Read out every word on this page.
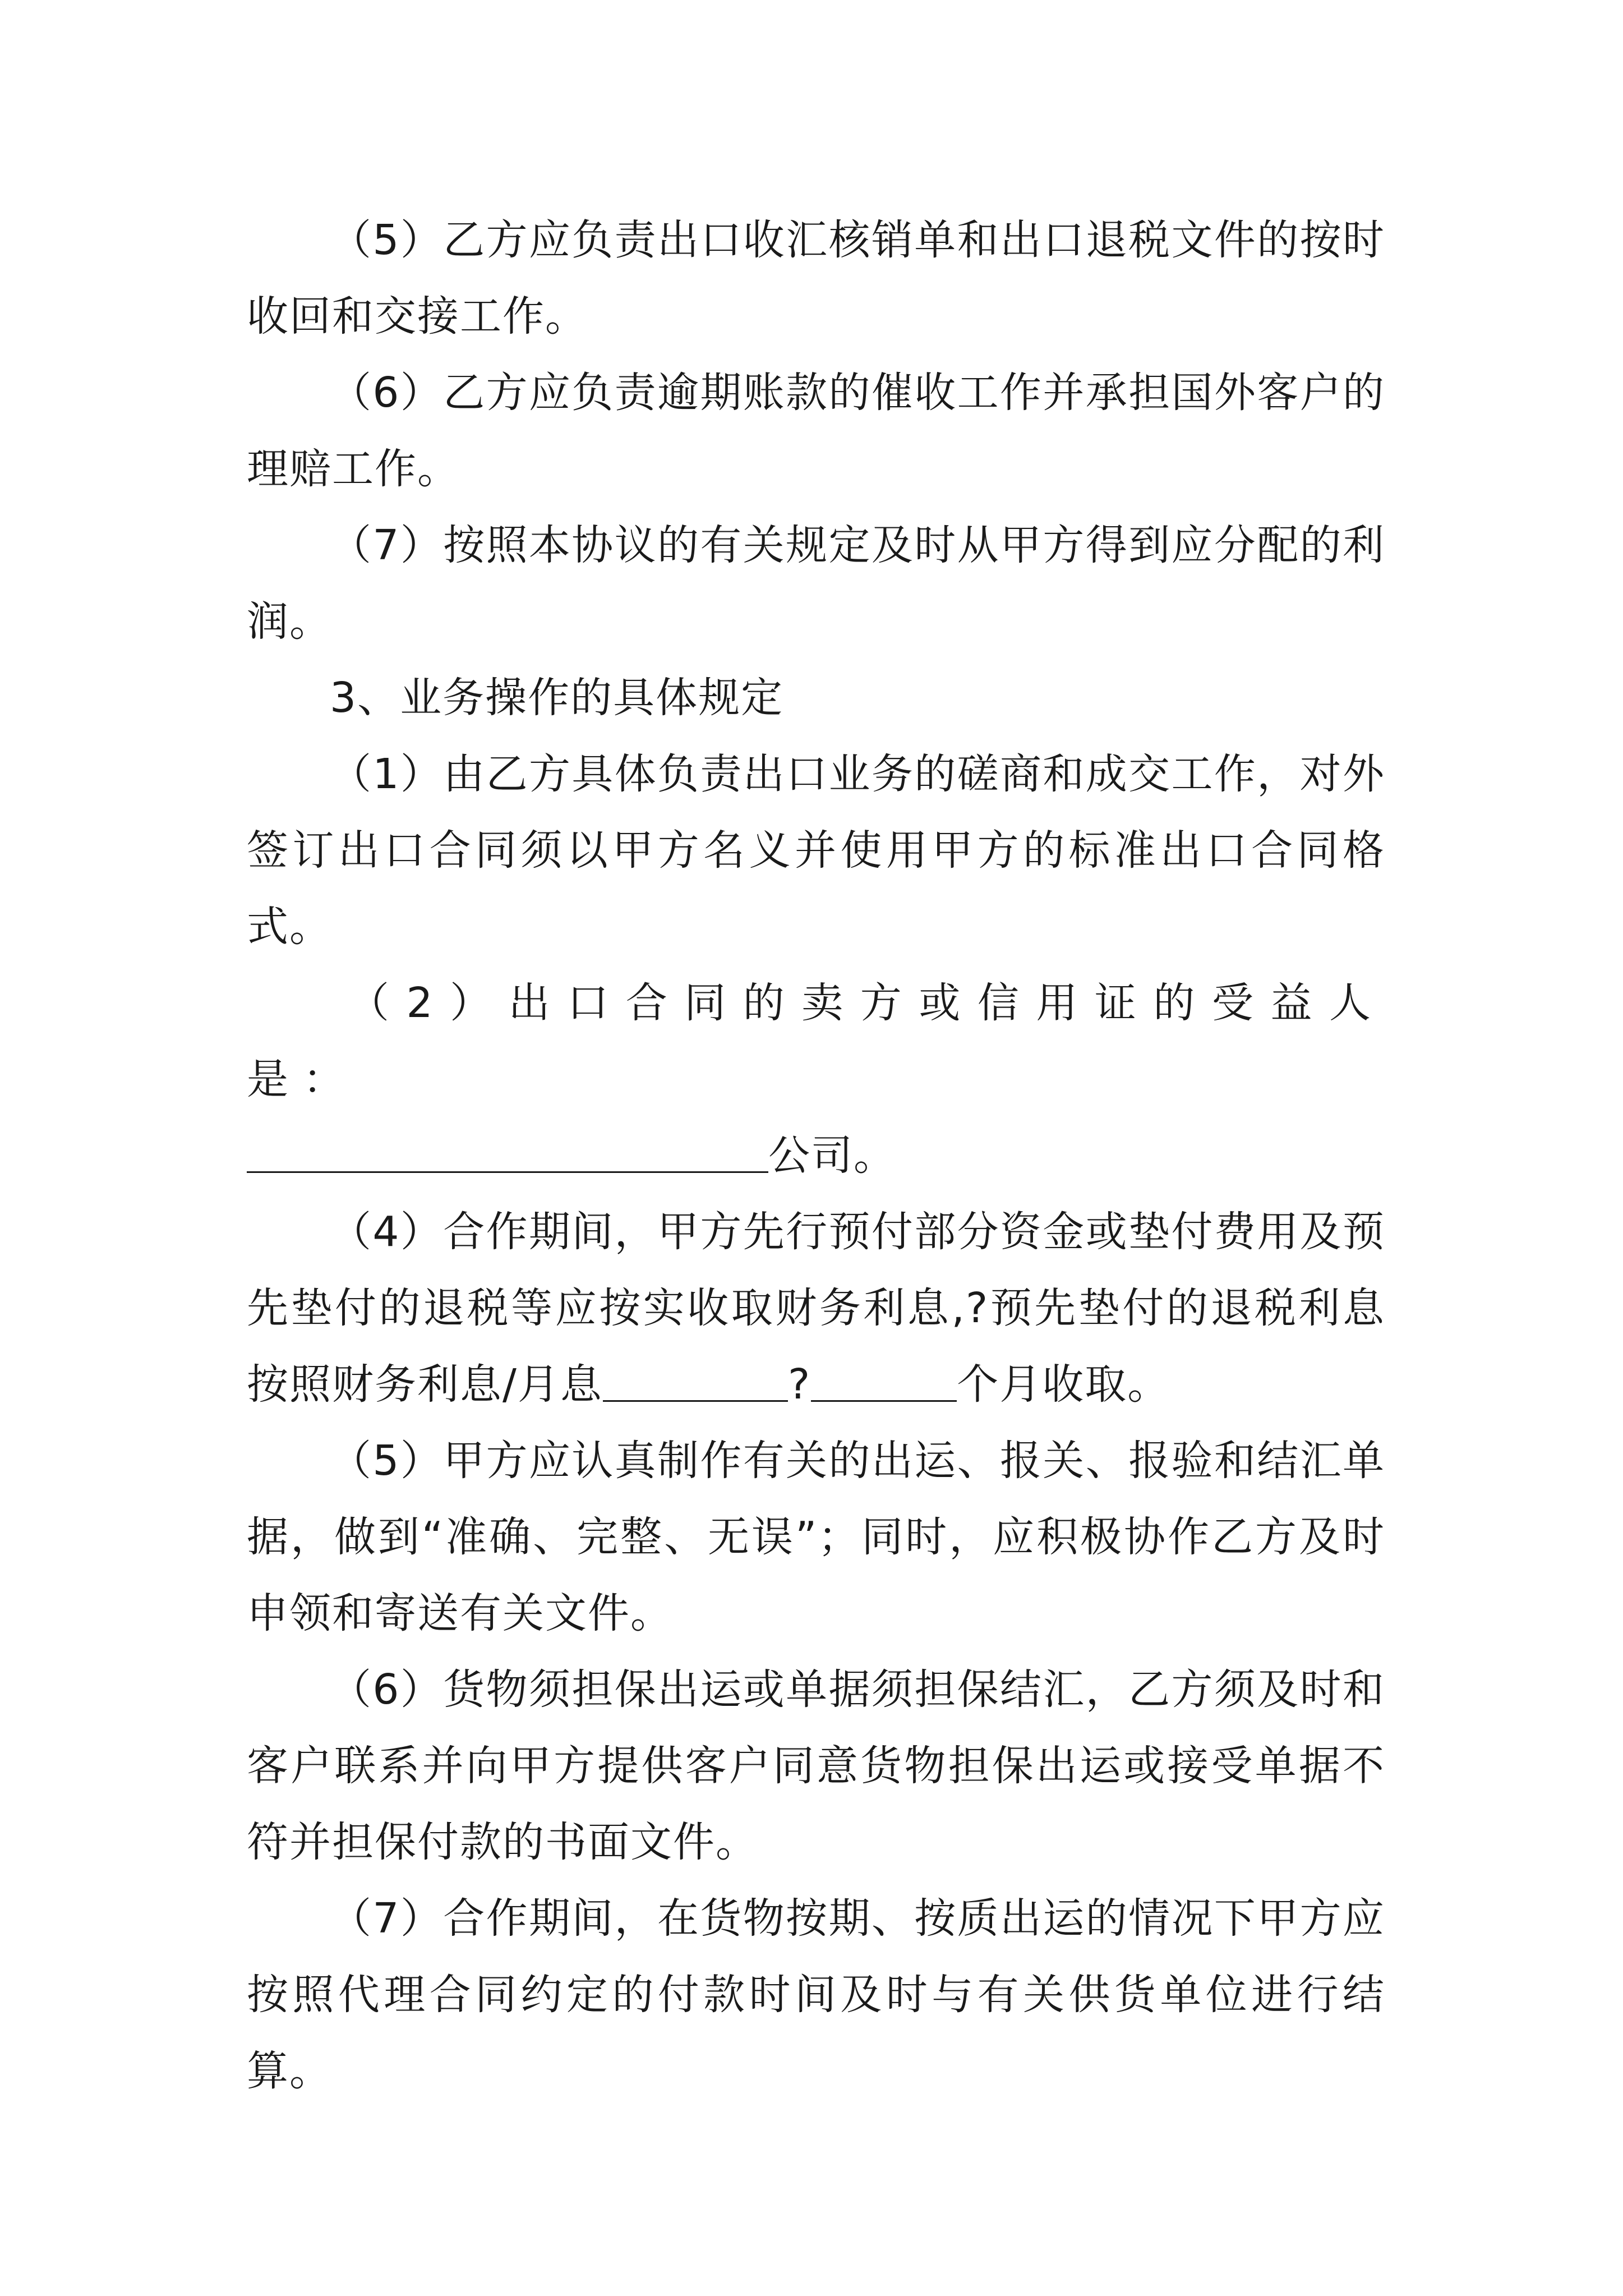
（5）乙方应负责出口收汇核销单和出口退税文件的按时收回和交接工作。

（6）乙方应负责逾期账款的催收工作并承担国外客户的理赔工作。

（7）按照本协议的有关规定及时从甲方得到应分配的利润。

3、业务操作的具体规定

（1）由乙方具体负责出口业务的磋商和成交工作，对外签订出口合同须以甲方名义并使用甲方的标准出口合同格式。

（2）出口合同的卖方或信用证的受益人是：

公司。

（4）合作期间，甲方先行预付部分资金或垫付费用及预先垫付的退税等应按实收取财务利息,?预先垫付的退税利息按照财务利息/月息	?	个月收取。

（5）甲方应认真制作有关的出运、报关、报验和结汇单据，做到“准确、完整、无误”；同时，应积极协作乙方及时申领和寄送有关文件。

（6）货物须担保出运或单据须担保结汇，乙方须及时和客户联系并向甲方提供客户同意货物担保出运或接受单据不符并担保付款的书面文件。

（7）合作期间，在货物按期、按质出运的情况下甲方应按照代理合同约定的付款时间及时与有关供货单位进行结算。
